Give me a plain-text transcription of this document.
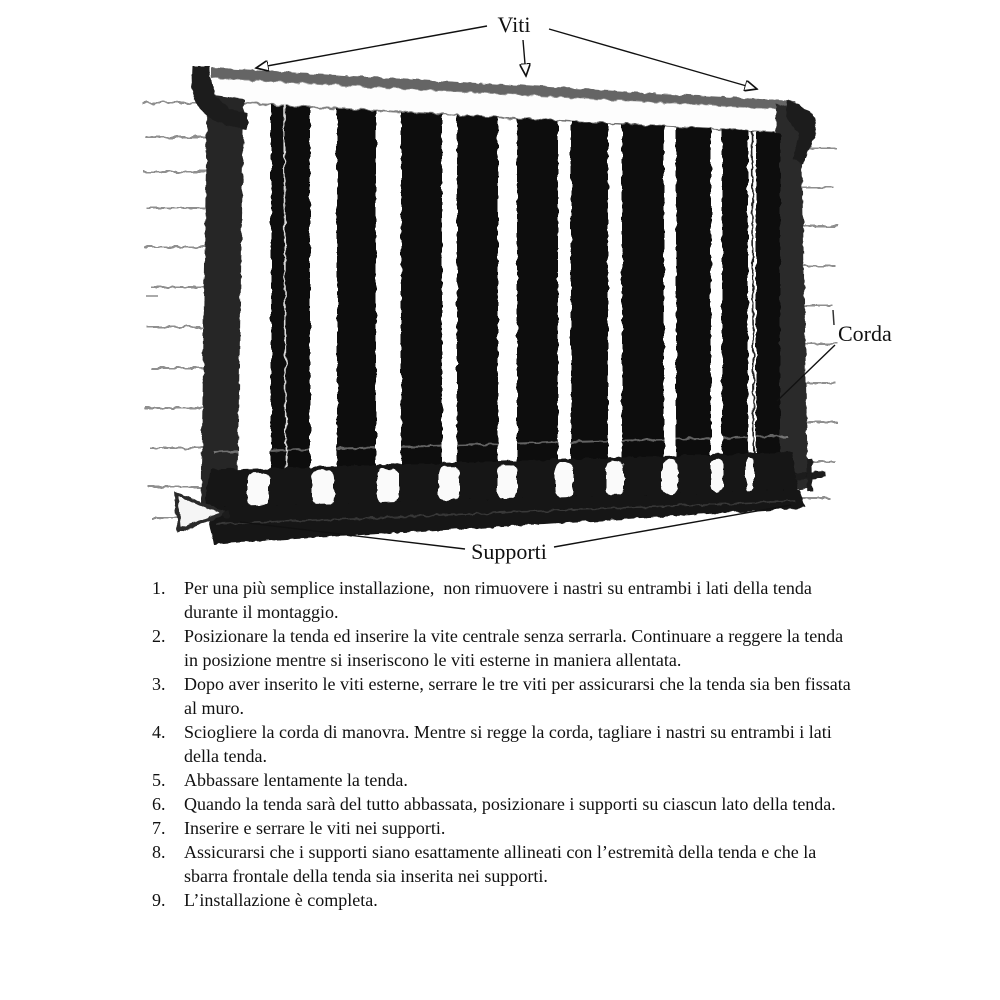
Viti
Corda
Supporti
1.	Per una più semplice installazione,  non rimuovere i nastri su entrambi i lati della tenda durante il montaggio.
2.	Posizionare la tenda ed inserire la vite centrale senza serrarla. Continuare a reggere la tenda in posizione mentre si inseriscono le viti esterne in maniera allentata.
3.	Dopo aver inserito le viti esterne, serrare le tre viti per assicurarsi che la tenda sia ben fissata al muro.
4.	Sciogliere la corda di manovra. Mentre si regge la corda, tagliare i nastri su entrambi i lati della tenda.
5.	Abbassare lentamente la tenda.
6.	Quando la tenda sarà del tutto abbassata, posizionare i supporti su ciascun lato della tenda.
7.	Inserire e serrare le viti nei supporti.
8.	Assicurarsi che i supporti siano esattamente allineati con l’estremità della tenda e che la sbarra frontale della tenda sia inserita nei supporti.
9.	L’installazione è completa.
